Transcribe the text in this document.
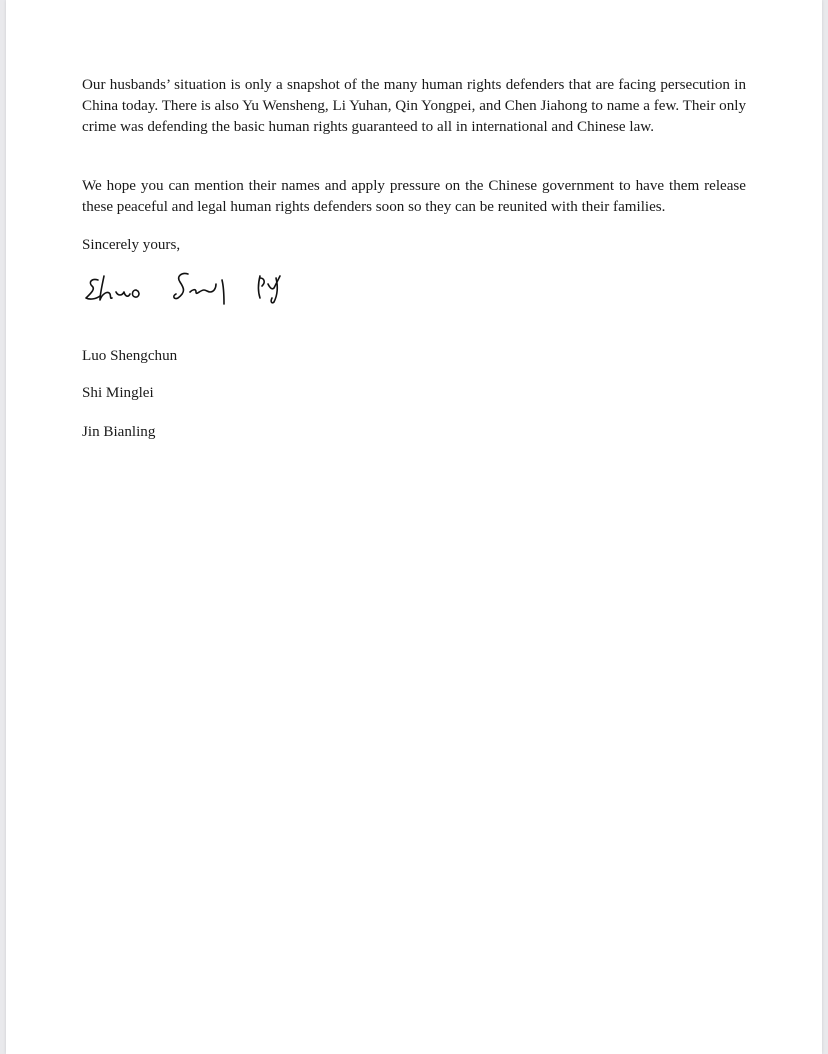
Our husbands’ situation is only a snapshot of the many human rights defenders that are facing persecution in China today. There is also Yu Wensheng, Li Yuhan, Qin Yongpei, and Chen Jiahong to name a few. Their only crime was defending the basic human rights guaranteed to all in international and Chinese law.

We hope you can mention their names and apply pressure on the Chinese government to have them release these peaceful and legal human rights defenders soon so they can be reunited with their families.

Sincerely yours,
Luo Shengchun
Shi Minglei
Jin Bianling
